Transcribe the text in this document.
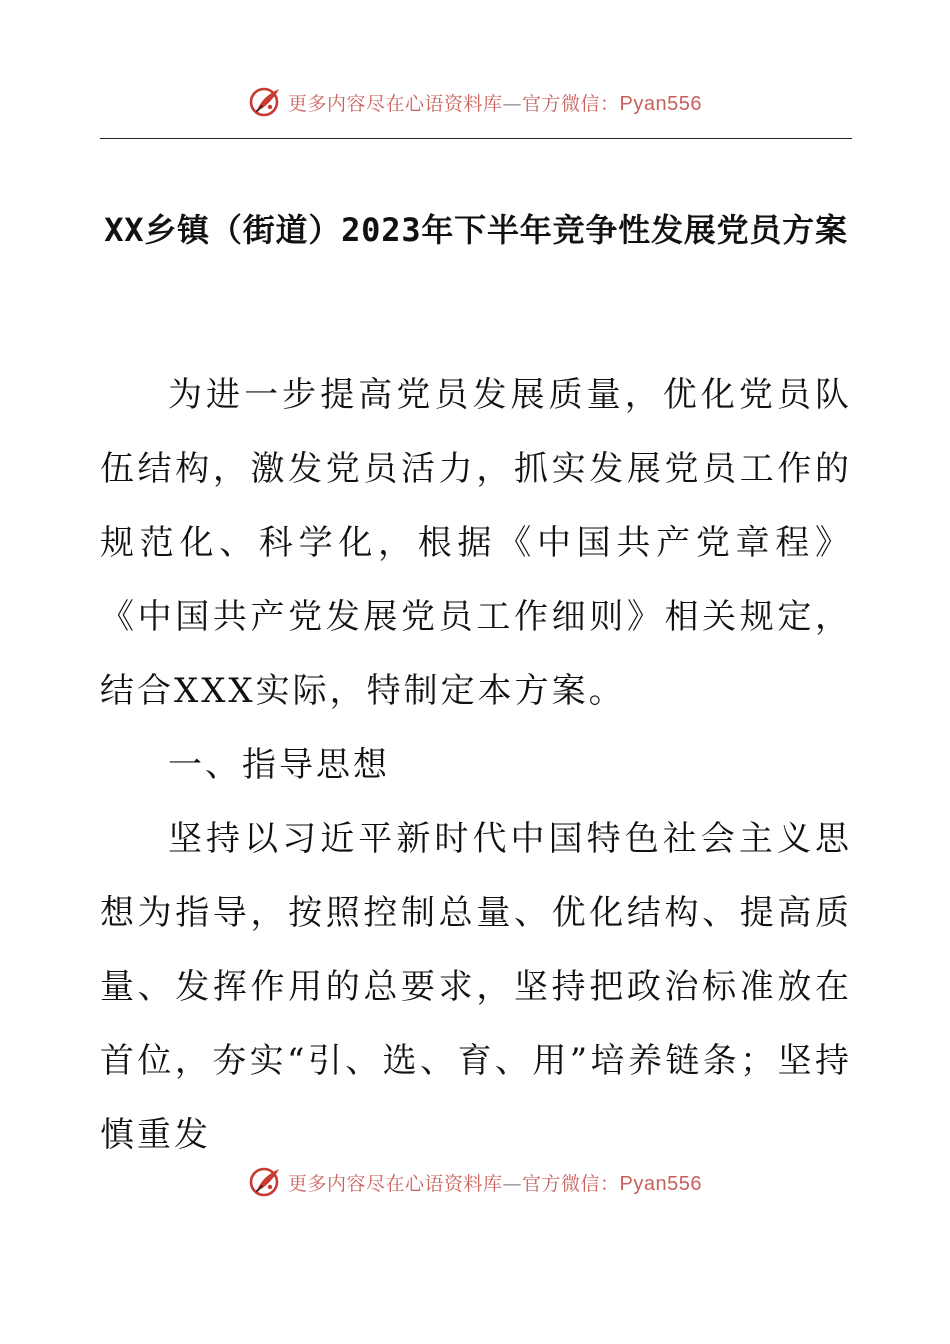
更多内容尽在心语资料库—官方微信：Pyan556
XX乡镇（街道）2023年下半年竞争性发展党员方案

为进一步提高党员发展质量，优化党员队伍结构，激发党员活力，抓实发展党员工作的规范化、科学化，根据《中国共产党章程》《中国共产党发展党员工作细则》相关规定，结合XXX实际，特制定本方案。

一、指导思想

坚持以习近平新时代中国特色社会主义思想为指导，按照控制总量、优化结构、提高质量、发挥作用的总要求，坚持把政治标准放在首位，夯实“引、选、育、用”培养链条；坚持慎重发

更多内容尽在心语资料库—官方微信：Pyan556
